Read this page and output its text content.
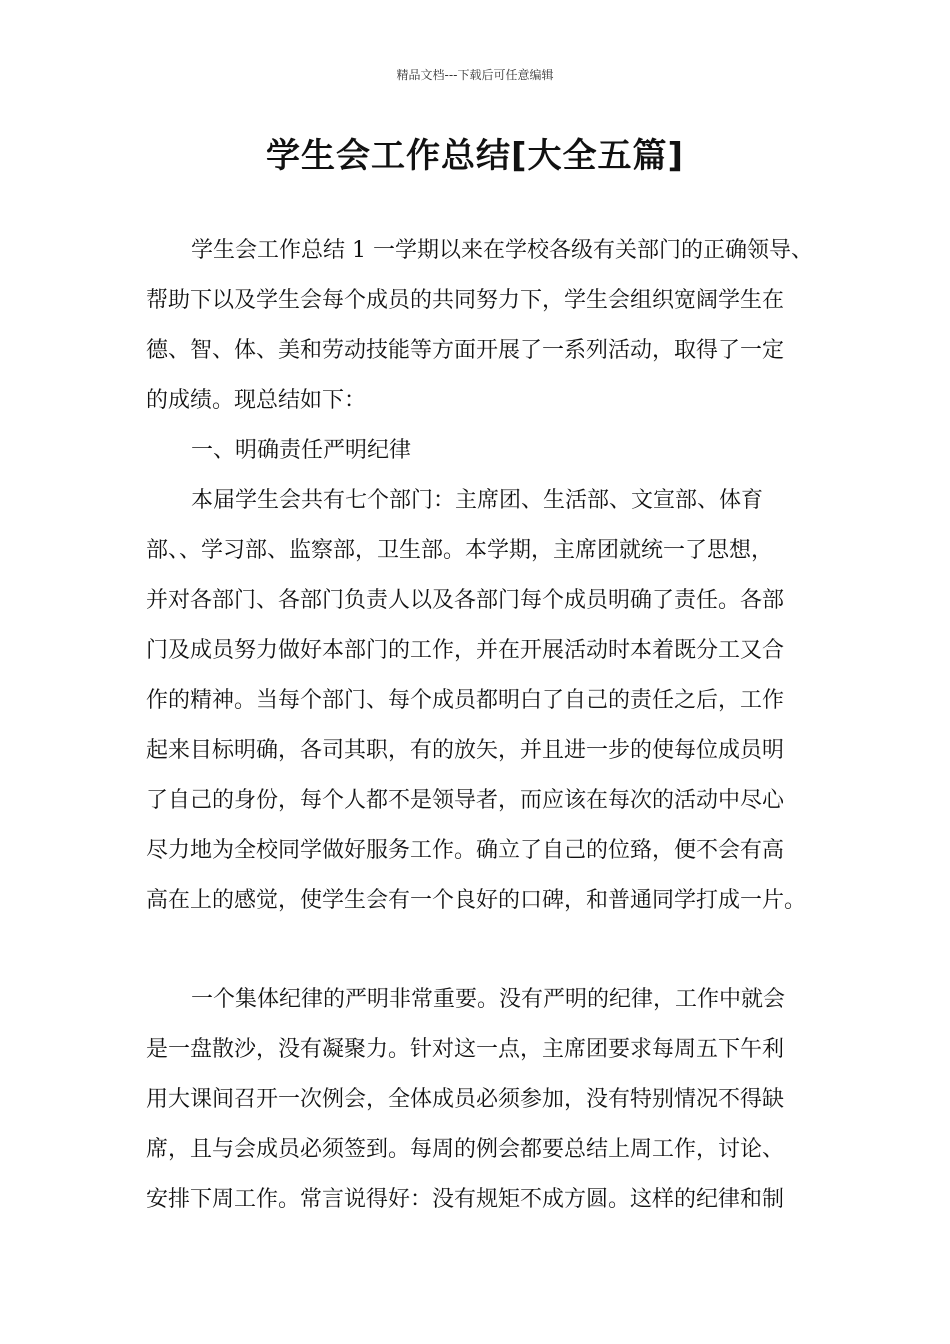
精品文档---下载后可任意编辑
学生会工作总结[大全五篇]
学生会工作总结 1 一学期以来在学校各级有关部门的正确领导、
帮助下以及学生会每个成员的共同努力下，学生会组织宽阔学生在
德、智、体、美和劳动技能等方面开展了一系列活动，取得了一定
的成绩。现总结如下：
一、明确责任严明纪律
本届学生会共有七个部门：主席团、生活部、文宣部、体育
部、、学习部、监察部，卫生部。本学期，主席团就统一了思想，
并对各部门、各部门负责人以及各部门每个成员明确了责任。各部
门及成员努力做好本部门的工作，并在开展活动时本着既分工又合
作的精神。当每个部门、每个成员都明白了自己的责任之后，工作
起来目标明确，各司其职，有的放矢，并且进一步的使每位成员明
了自己的身份，每个人都不是领导者，而应该在每次的活动中尽心
尽力地为全校同学做好服务工作。确立了自己的位臵，便不会有高
高在上的感觉，使学生会有一个良好的口碑，和普通同学打成一片。
一个集体纪律的严明非常重要。没有严明的纪律，工作中就会
是一盘散沙，没有凝聚力。针对这一点，主席团要求每周五下午利
用大课间召开一次例会，全体成员必须参加，没有特别情况不得缺
席，且与会成员必须签到。每周的例会都要总结上周工作，讨论、
安排下周工作。常言说得好：没有规矩不成方圆。这样的纪律和制
